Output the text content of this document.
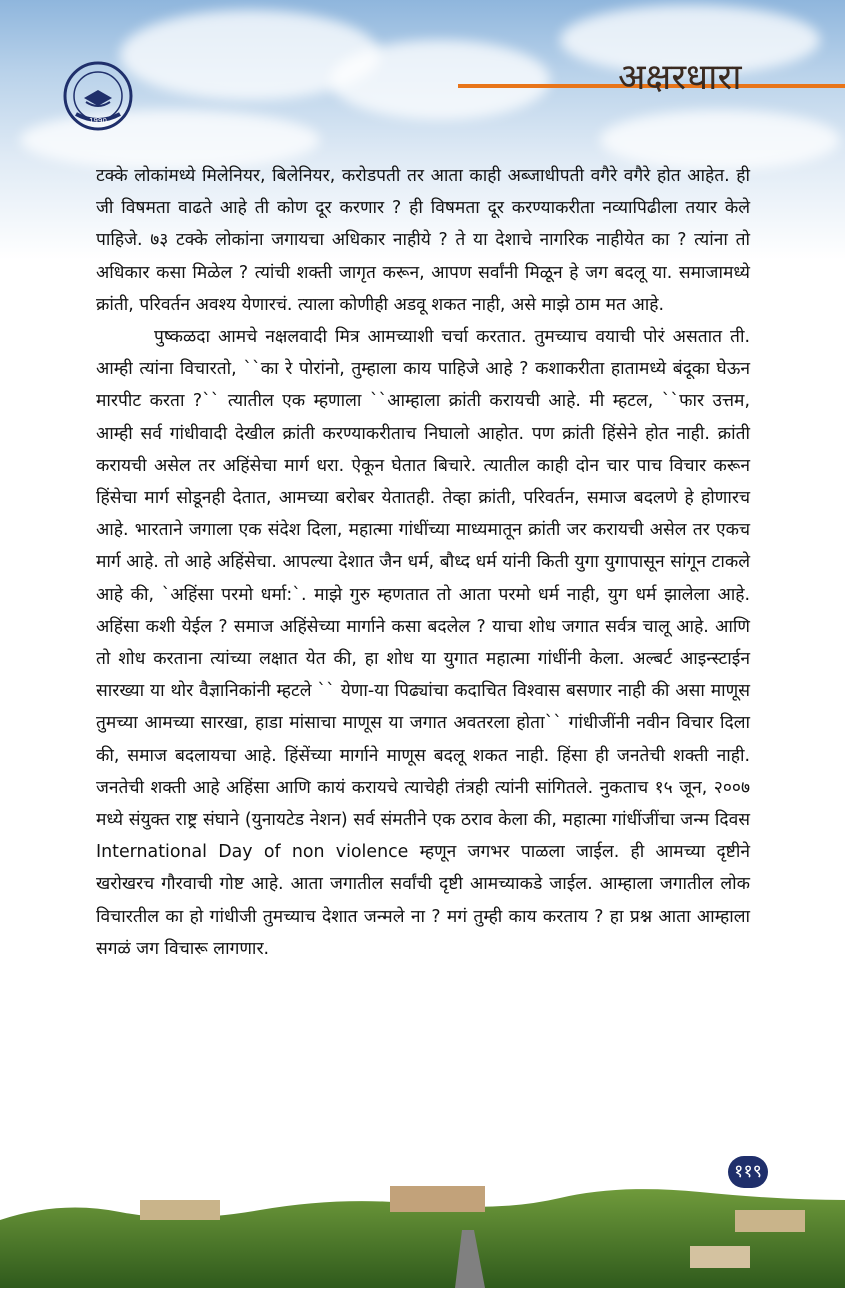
1990
अक्षरधारा

टक्के लोकांमध्ये मिलेनियर, बिलेनियर, करोडपती तर आता काही अब्जाधीपती वगैरे वगैरे होत आहेत. ही जी विषमता वाढते आहे ती कोण दूर करणार ? ही विषमता दूर करण्याकरीता नव्यापिढीला तयार केले पाहिजे. ७३ टक्के लोकांना जगायचा अधिकार नाहीये ? ते या देशाचे नागरिक नाहीयेत का ? त्यांना तो अधिकार कसा मिळेल ? त्यांची शक्ती जागृत करून, आपण सर्वांनी मिळून हे जग बदलू या. समाजामध्ये क्रांती, परिवर्तन अवश्य येणारचं. त्याला कोणीही अडवू शकत नाही, असे माझे ठाम मत आहे.

पुष्कळदा आमचे नक्षलवादी मित्र आमच्याशी चर्चा करतात. तुमच्याच वयाची पोरं असतात ती. आम्ही त्यांना विचारतो, ``का रे पोरांनो, तुम्हाला काय पाहिजे आहे ? कशाकरीता हातामध्ये बंदूका घेऊन मारपीट करता ?`` त्यातील एक म्हणाला ``आम्हाला क्रांती करायची आहे. मी म्हटल, ``फार उत्तम, आम्ही सर्व गांधीवादी देखील क्रांती करण्याकरीताच निघालो आहोत. पण क्रांती हिंसेने होत नाही. क्रांती करायची असेल तर अहिंसेचा मार्ग धरा. ऐकून घेतात बिचारे. त्यातील काही दोन चार पाच विचार करून हिंसेचा मार्ग सोडूनही देतात, आमच्या बरोबर येतातही. तेव्हा क्रांती, परिवर्तन, समाज बदलणे हे होणारच आहे. भारताने जगाला एक संदेश दिला, महात्मा गांधींच्या माध्यमातून क्रांती जर करायची असेल तर एकच मार्ग आहे. तो आहे अहिंसेचा. आपल्या देशात जैन धर्म, बौध्द धर्म यांनी किती युगा युगापासून सांगून टाकले आहे की, `अहिंसा परमो धर्मा:`. माझे गुरु म्हणतात तो आता परमो धर्म नाही, युग धर्म झालेला आहे. अहिंसा कशी येईल ? समाज अहिंसेच्या मार्गाने कसा बदलेल ? याचा शोध जगात सर्वत्र चालू आहे. आणि तो शोध करताना त्यांच्या लक्षात येत की, हा शोध या युगात महात्मा गांधींनी केला. अल्बर्ट आइन्स्टाईन सारख्या या थोर वैज्ञानिकांनी म्हटले `` येणा-या पिढ्यांचा कदाचित विश्वास बसणार नाही की असा माणूस तुमच्या आमच्या सारखा, हाडा मांसाचा माणूस या जगात अवतरला होता`` गांधीजींनी नवीन विचार दिला की, समाज बदलायचा आहे. हिंसेंच्या मार्गाने माणूस बदलू शकत नाही. हिंसा ही जनतेची शक्ती नाही. जनतेची शक्ती आहे अहिंसा आणि कायं करायचे त्याचेही तंत्रही त्यांनी सांगितले. नुकताच १५ जून, २००७ मध्ये संयुक्त राष्ट्र संघाने (युनायटेड नेशन) सर्व संमतीने एक ठराव केला की, महात्मा गांधींजींचा जन्म दिवस International Day of non violence म्हणून जगभर पाळला जाईल. ही आमच्या दृष्टीने खरोखरच गौरवाची गोष्ट आहे. आता जगातील सर्वांची दृष्टी आमच्याकडे जाईल. आम्हाला जगातील लोक विचारतील का हो गांधीजी तुमच्याच देशात जन्मले ना ? मगं तुम्ही काय करताय ? हा प्रश्न आता आम्हाला सगळं जग विचारू लागणार.

११९
